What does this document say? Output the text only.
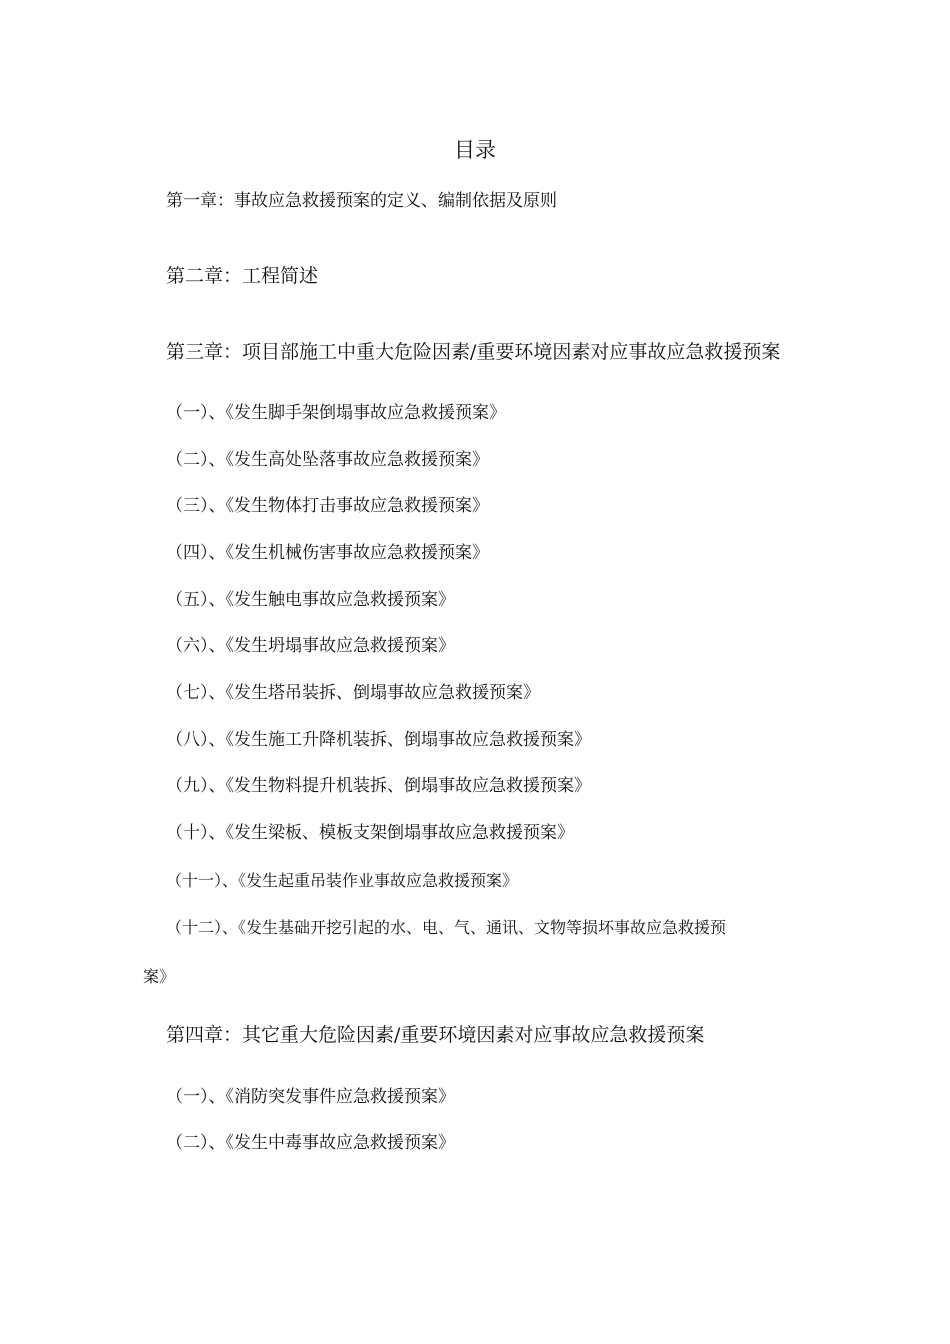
目录
第一章：事故应急救援预案的定义、编制依据及原则
第二章：工程简述
第三章：项目部施工中重大危险因素/重要环境因素对应事故应急救援预案
（一）、《发生脚手架倒塌事故应急救援预案》
（二）、《发生高处坠落事故应急救援预案》
（三）、《发生物体打击事故应急救援预案》
（四）、《发生机械伤害事故应急救援预案》
（五）、《发生触电事故应急救援预案》
（六）、《发生坍塌事故应急救援预案》
（七）、《发生塔吊装拆、倒塌事故应急救援预案》
（八）、《发生施工升降机装拆、倒塌事故应急救援预案》
（九）、《发生物料提升机装拆、倒塌事故应急救援预案》
（十）、《发生梁板、模板支架倒塌事故应急救援预案》
（十一）、《发生起重吊装作业事故应急救援预案》
（十二）、《发生基础开挖引起的水、电、气、通讯、文物等损坏事故应急救援预
案》
第四章：其它重大危险因素/重要环境因素对应事故应急救援预案
（一）、《消防突发事件应急救援预案》
（二）、《发生中毒事故应急救援预案》
